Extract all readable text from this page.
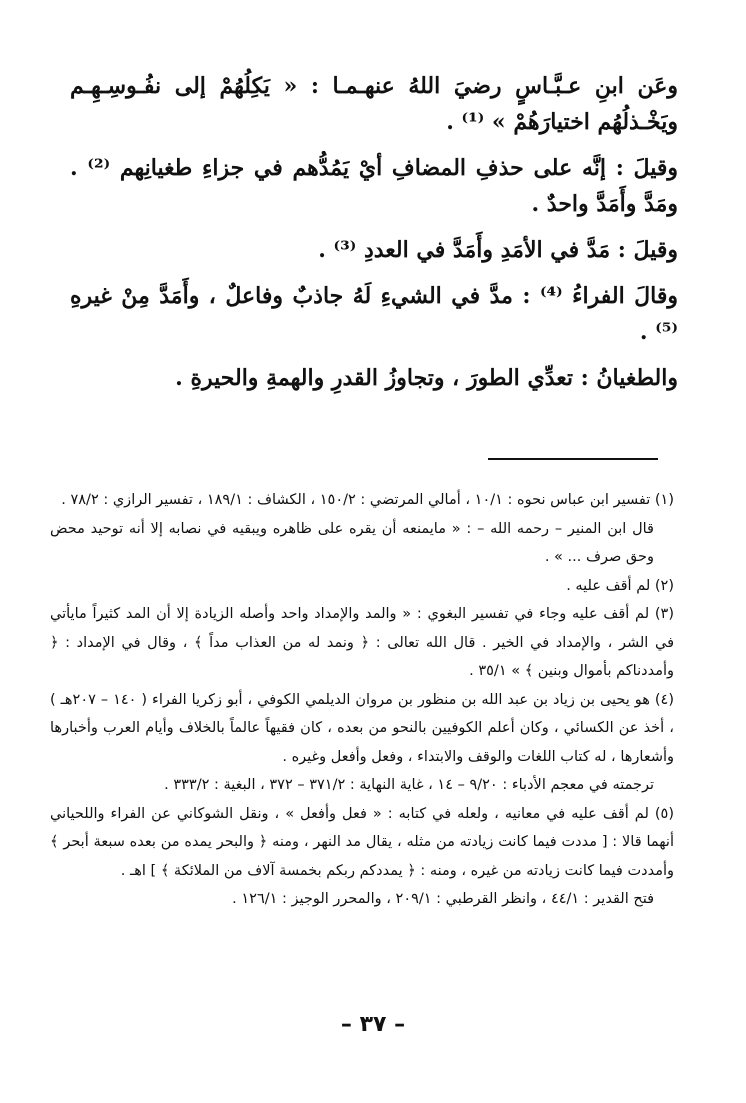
وعَن ابنِ عـبَّـاسٍ رضيَ اللهُ عنهـمـا : « يَكِلُهُمْ إلى نفُـوسِـهِـم ويَخْـذلُهُم اختيارَهُمْ » ⁽¹⁾ .

وقيلَ : إنَّه على حذفِ المضافِ أيْ يَمُدُّهم في جزاءِ طغيانِهم ⁽²⁾ . ومَدَّ وأَمَدَّ واحدٌ .

وقيلَ : مَدَّ في الأمَدِ وأَمَدَّ في العددِ ⁽³⁾ .

وقالَ الفراءُ ⁽⁴⁾ : مدَّ في الشيءِ لَهُ جاذبٌ وفاعلٌ ، وأَمَدَّ مِنْ غيرهِ ⁽⁵⁾ .

والطغيانُ : تعدِّي الطورَ ، وتجاوزُ القدرِ والهمةِ والحيرةِ .

(١) تفسير ابن عباس نحوه : ١٠/١ ، أمالي المرتضي : ١٥٠/٢ ، الكشاف : ١٨٩/١ ، تفسير الرازي : ٧٨/٢ .

قال ابن المنير – رحمه الله – : « مايمنعه أن يقره على ظاهره ويبقيه في نصابه إلا أنه توحيد محض وحق صرف ... » .

(٢) لم أقف عليه .

(٣) لم أقف عليه وجاء في تفسير البغوي : « والمد والإمداد واحد وأصله الزيادة إلا أن المد كثيراً مايأتي في الشر ، والإمداد في الخير . قال الله تعالى : ﴿ ونمد له من العذاب مداً ﴾ ، وقال في الإمداد : ﴿ وأمددناكم بأموال وبنين ﴾ » ٣٥/١ .

(٤) هو يحيى بن زياد بن عبد الله بن منظور بن مروان الديلمي الكوفي ، أبو زكريا الفراء ( ١٤٠ – ٢٠٧هـ ) ، أخذ عن الكسائي ، وكان أعلم الكوفيين بالنحو من بعده ، كان فقيهاً عالماً بالخلاف وأيام العرب وأخبارها وأشعارها ، له كتاب اللغات والوقف والابتداء ، وفعل وأفعل وغيره .

ترجمته في معجم الأدباء : ٩/٢٠ – ١٤ ، غاية النهاية : ٣٧١/٢ – ٣٧٢ ، البغية : ٣٣٣/٢ .

(٥) لم أقف عليه في معانيه ، ولعله في كتابه : « فعل وأفعل » ، ونقل الشوكاني عن الفراء واللحياني أنهما قالا : [ مددت فيما كانت زيادته من مثله ، يقال مد النهر ، ومنه ﴿ والبحر يمده من بعده سبعة أبحر ﴾ وأمددت فيما كانت زيادته من غيره ، ومنه : ﴿ يمددكم ربكم بخمسة آلاف من الملائكة ﴾ ] اهـ .

فتح القدير : ٤٤/١ ، وانظر القرطبي : ٢٠٩/١ ، والمحرر الوجيز : ١٢٦/١ .

– ٣٧ –
